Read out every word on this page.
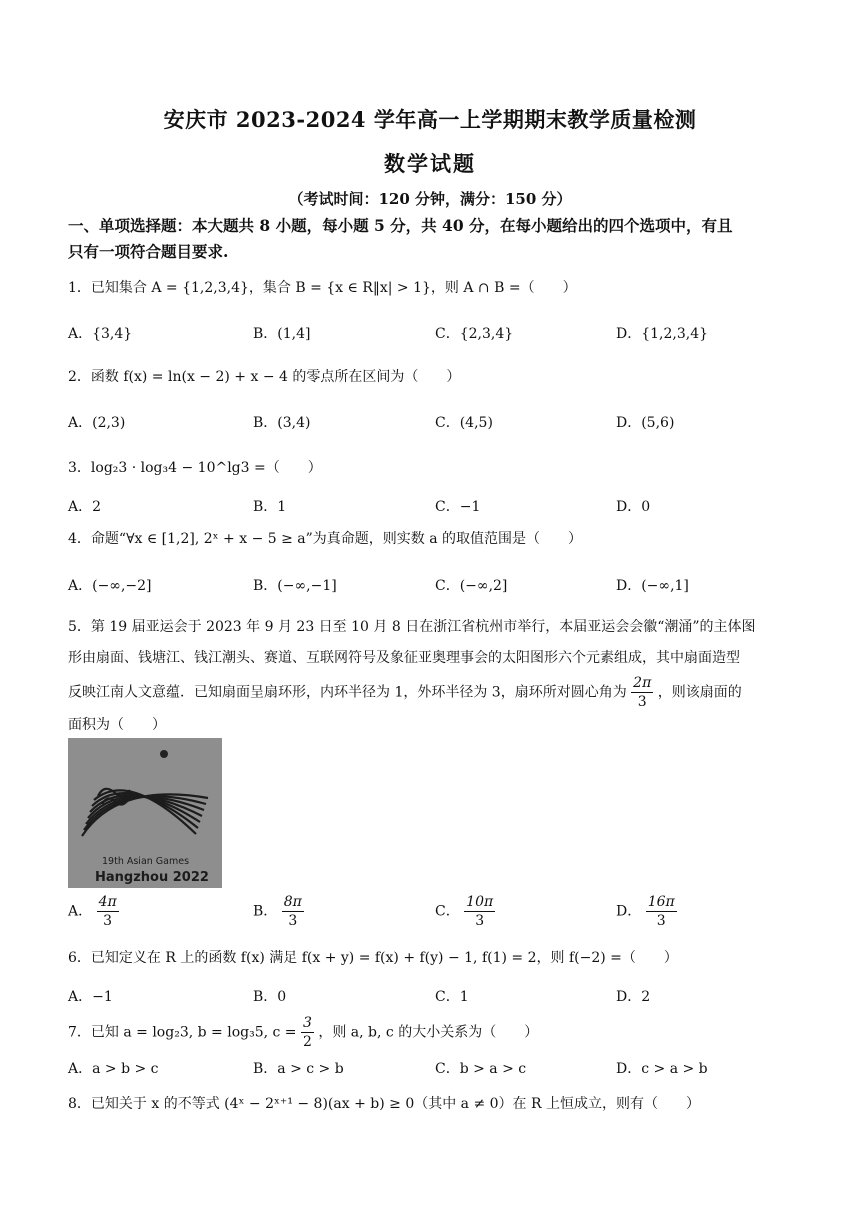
安庆市 2023-2024 学年高一上学期期末教学质量检测
数学试题
（考试时间：120 分钟，满分：150 分）
一、单项选择题：本大题共 8 小题，每小题 5 分，共 40 分，在每小题给出的四个选项中，有且
只有一项符合题目要求.
1．已知集合 A = {1,2,3,4}，集合 B = {x ∈ R‖x| > 1}，则 A ∩ B =（　　）
A．{3,4}	B．(1,4]	C．{2,3,4}	D．{1,2,3,4}
2．函数 f(x) = ln(x − 2) + x − 4 的零点所在区间为（　　）
A．(2,3)	B．(3,4)	C．(4,5)	D．(5,6)
3．log₂3 · log₃4 − 10^lg3 =（　　）
A．2	B．1	C．−1	D．0
4．命题“∀x ∈ [1,2], 2ˣ + x − 5 ≥ a”为真命题，则实数 a 的取值范围是（　　）
A．(−∞,−2]	B．(−∞,−1]	C．(−∞,2]	D．(−∞,1]
5．第 19 届亚运会于 2023 年 9 月 23 日至 10 月 8 日在浙江省杭州市举行，本届亚运会会徽“潮涌”的主体图
形由扇面、钱塘江、钱江潮头、赛道、互联网符号及象征亚奥理事会的太阳图形六个元素组成，其中扇面造型
反映江南人文意蕴．已知扇面呈扇环形，内环半径为 1，外环半径为 3，扇环所对圆心角为 $\frac{2\pi}{3}$ ，则该扇面的
面积为（　　）
19th Asian Games
Hangzhou 2022
A． $\frac{4\pi}{3}$	B． $\frac{8\pi}{3}$	C． $\frac{10\pi}{3}$	D． $\frac{16\pi}{3}$
6．已知定义在 R 上的函数 f(x) 满足 f(x + y) = f(x) + f(y) − 1, f(1) = 2，则 f(−2) =（　　）
A．−1	B．0	C．1	D．2
7．已知 a = log₂3, b = log₃5, $c = \frac{3}{2}$ ，则 a, b, c 的大小关系为（　　）
A．a > b > c	B．a > c > b	C．b > a > c	D．c > a > b
8．已知关于 x 的不等式 (4ˣ − 2ˣ⁺¹ − 8)(ax + b) ≥ 0（其中 a ≠ 0）在 R 上恒成立，则有（　　）
